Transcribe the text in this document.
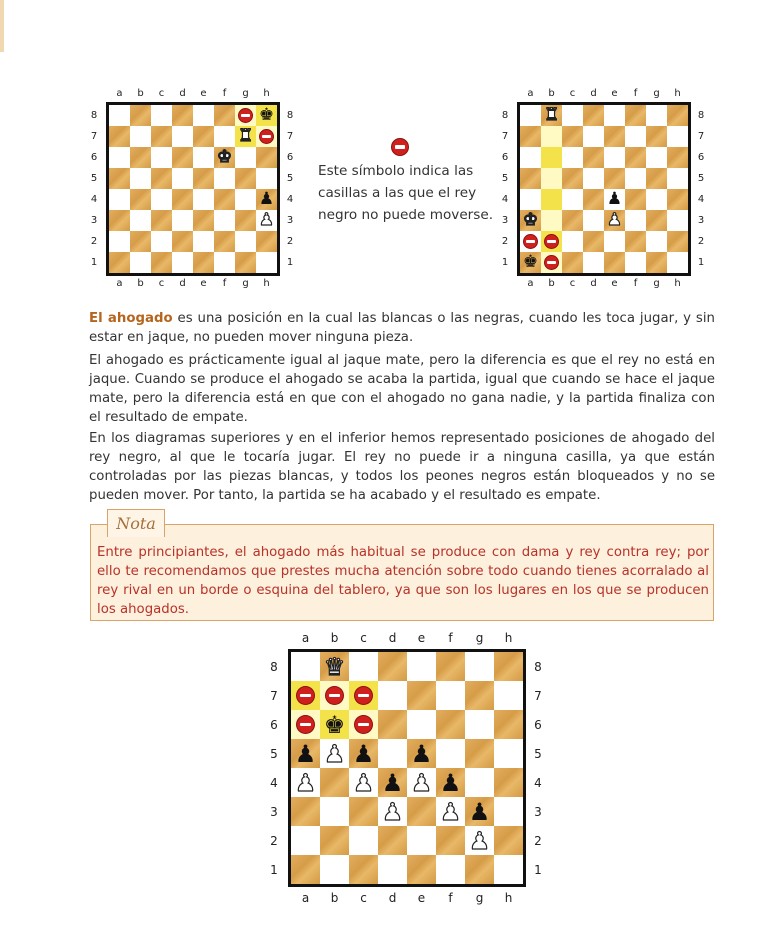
a	b	c	d	e	f	g	h
a	b	c	d	e	f	g	h
8
7
6
5
4
3
2
1
8
7
6
5
4
3
2
1
♚
♜
♚
♟
♟
Este símbolo indica las casillas a las que el rey negro no puede moverse.
a	b	c	d	e	f	g	h
a	b	c	d	e	f	g	h
8
7
6
5
4
3
2
1
8
7
6
5
4
3
2
1
♜
♟
♚	♟
♚

El ahogado es una posición en la cual las blancas o las negras, cuando les toca jugar, y sin estar en jaque, no pueden mover ninguna pieza.

El ahogado es prácticamente igual al jaque mate, pero la diferencia es que el rey no está en jaque. Cuando se produce el ahogado se acaba la partida, igual que cuando se hace el jaque mate, pero la diferencia está en que con el ahogado no gana nadie, y la partida finaliza con el resultado de empate.

En los diagramas superiores y en el inferior hemos representado posiciones de ahogado del rey negro, al que le tocaría jugar. El rey no puede ir a ninguna casilla, ya que están controladas por las piezas blancas, y todos los peones negros están bloqueados y no se pueden mover. Por tanto, la partida se ha acabado y el resultado es empate.

Nota

Entre principiantes, el ahogado más habitual se produce con dama y rey contra rey; por ello te recomendamos que prestes mucha atención sobre todo cuando tienes acorralado al rey rival en un borde o esquina del tablero, ya que son los lugares en los que se producen los ahogados.

a	b	c	d	e	f	g	h
a	b	c	d	e	f	g	h
8
7
6
5
4
3
2
1
8
7
6
5
4
3
2
1
♛
♚
♟ ♟ ♟ ♟
♟ ♟ ♟ ♟ ♟
♟ ♟ ♟
♟
